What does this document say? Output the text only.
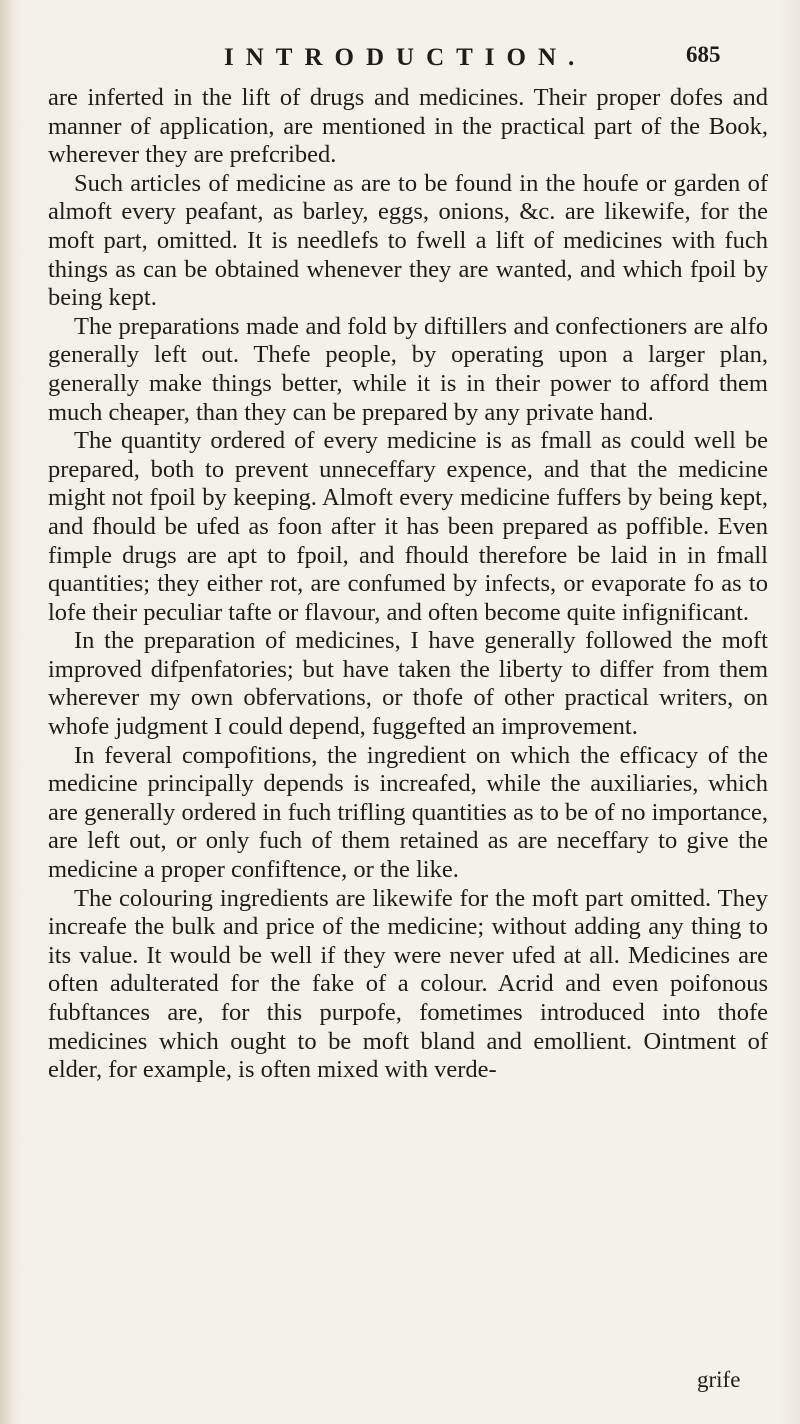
INTRODUCTION.	685

are inferted in the lift of drugs and medicines. Their proper dofes and manner of application, are mentioned in the practical part of the Book, wherever they are prefcribed.

Such articles of medicine as are to be found in the houfe or garden of almoft every peafant, as barley, eggs, onions, &c. are likewife, for the moft part, omitted. It is needlefs to fwell a lift of medicines with fuch things as can be obtained whenever they are wanted, and which fpoil by being kept.

The preparations made and fold by diftillers and confectioners are alfo generally left out. Thefe people, by operating upon a larger plan, generally make things better, while it is in their power to afford them much cheaper, than they can be prepared by any private hand.

The quantity ordered of every medicine is as fmall as could well be prepared, both to prevent unneceffary expence, and that the medicine might not fpoil by keeping. Almoft every medicine fuffers by being kept, and fhould be ufed as foon after it has been prepared as poffible. Even fimple drugs are apt to fpoil, and fhould therefore be laid in in fmall quantities; they either rot, are confumed by infects, or evaporate fo as to lofe their peculiar tafte or flavour, and often become quite infignificant.

In the preparation of medicines, I have generally followed the moft improved difpenfatories; but have taken the liberty to differ from them wherever my own obfervations, or thofe of other practical writers, on whofe judgment I could depend, fuggefted an improvement.

In feveral compofitions, the ingredient on which the efficacy of the medicine principally depends is increafed, while the auxiliaries, which are generally ordered in fuch trifling quantities as to be of no importance, are left out, or only fuch of them retained as are neceffary to give the medicine a proper confiftence, or the like.

The colouring ingredients are likewife for the moft part omitted. They increafe the bulk and price of the medicine; without adding any thing to its value. It would be well if they were never ufed at all. Medicines are often adulterated for the fake of a colour. Acrid and even poifonous fubftances are, for this purpofe, fometimes introduced into thofe medicines which ought to be moft bland and emollient. Ointment of elder, for example, is often mixed with verde-

grife
